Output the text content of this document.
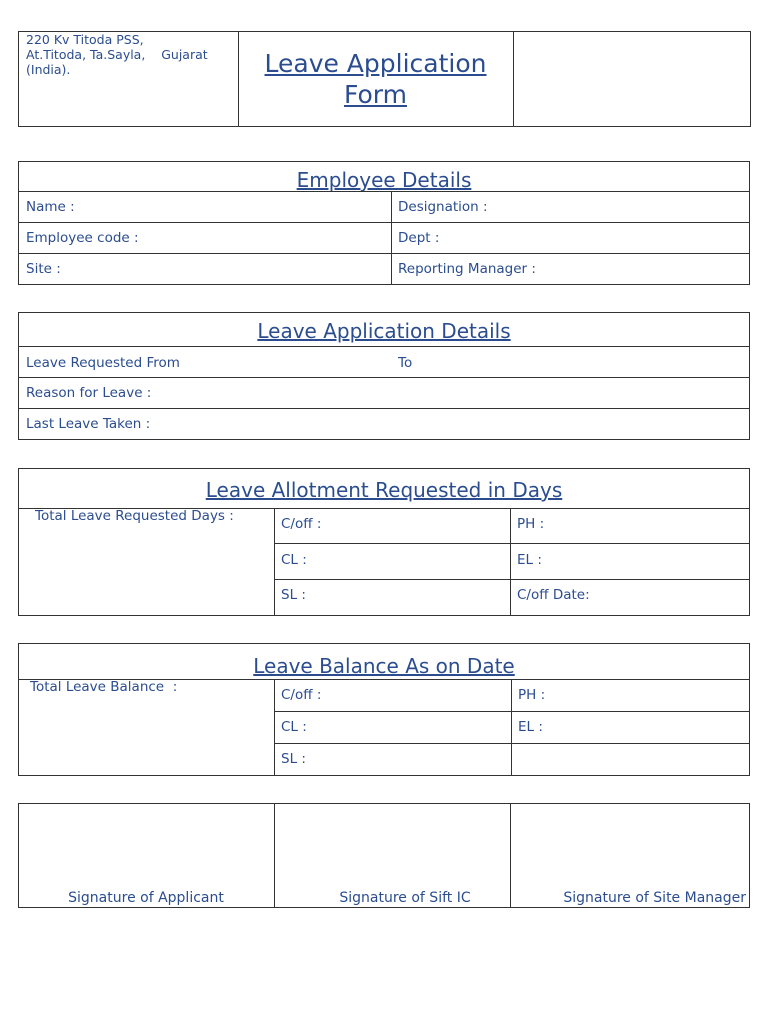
220 Kv Titoda PSS,
At.Titoda, Ta.Sayla,    Gujarat
(India).	Leave Application
Form
Employee Details
Name :	Designation :
Employee code :	Dept :
Site :	Reporting Manager :
Leave Application Details
Leave Requested From	To
Reason for Leave :
Last Leave Taken :
Leave Allotment Requested in Days
Total Leave Requested Days :	C/off :	PH :
CL :	EL :
SL :	C/off Date:
Leave Balance As on Date
Total Leave Balance  :	C/off :	PH :
CL :	EL :
SL :
Signature of Applicant	Signature of Sift IC	Signature of Site Manager
